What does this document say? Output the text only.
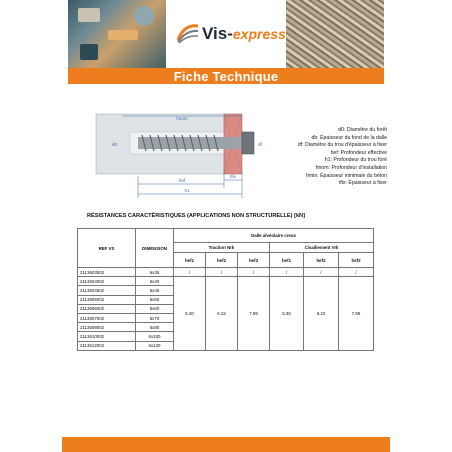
Vis-express
Fiche Technique
hnom
hef
h1
tfix
d0	df
d0: Diamètre du forêt
db: Épaisseur du fond de la dalle
df: Diamètre du trou d'épaisseur à fixer
hef: Profondeur effective
h1: Profondeur du trou foré
hnom: Profondeur d'installation
hmin: Épaisseur minimale du béton
tfix: Épaisseur à fixer
RÉSISTANCES CARACTÉRISTIQUES (APPLICATIONS NON STRUCTURELLE) [kN]
REF VS	DIMENSION	Dalle alvéolaire creux					
		Traction Nrk			Cisaillement Vrk		
		hef1	hef2	hef3	hef1	hef2	hef3
2113603502	6x35	/	/	/	/	/	/
2113604002	6x40	5.30	6.22	7.99	5.30	6.22	7.99
2113604502	6x45						
2113605002	6x50						
2113606002	6x60						
2113607002	6x70						
2113608002	6x80						
2113610002	6x100						
2113612002	6x120						
